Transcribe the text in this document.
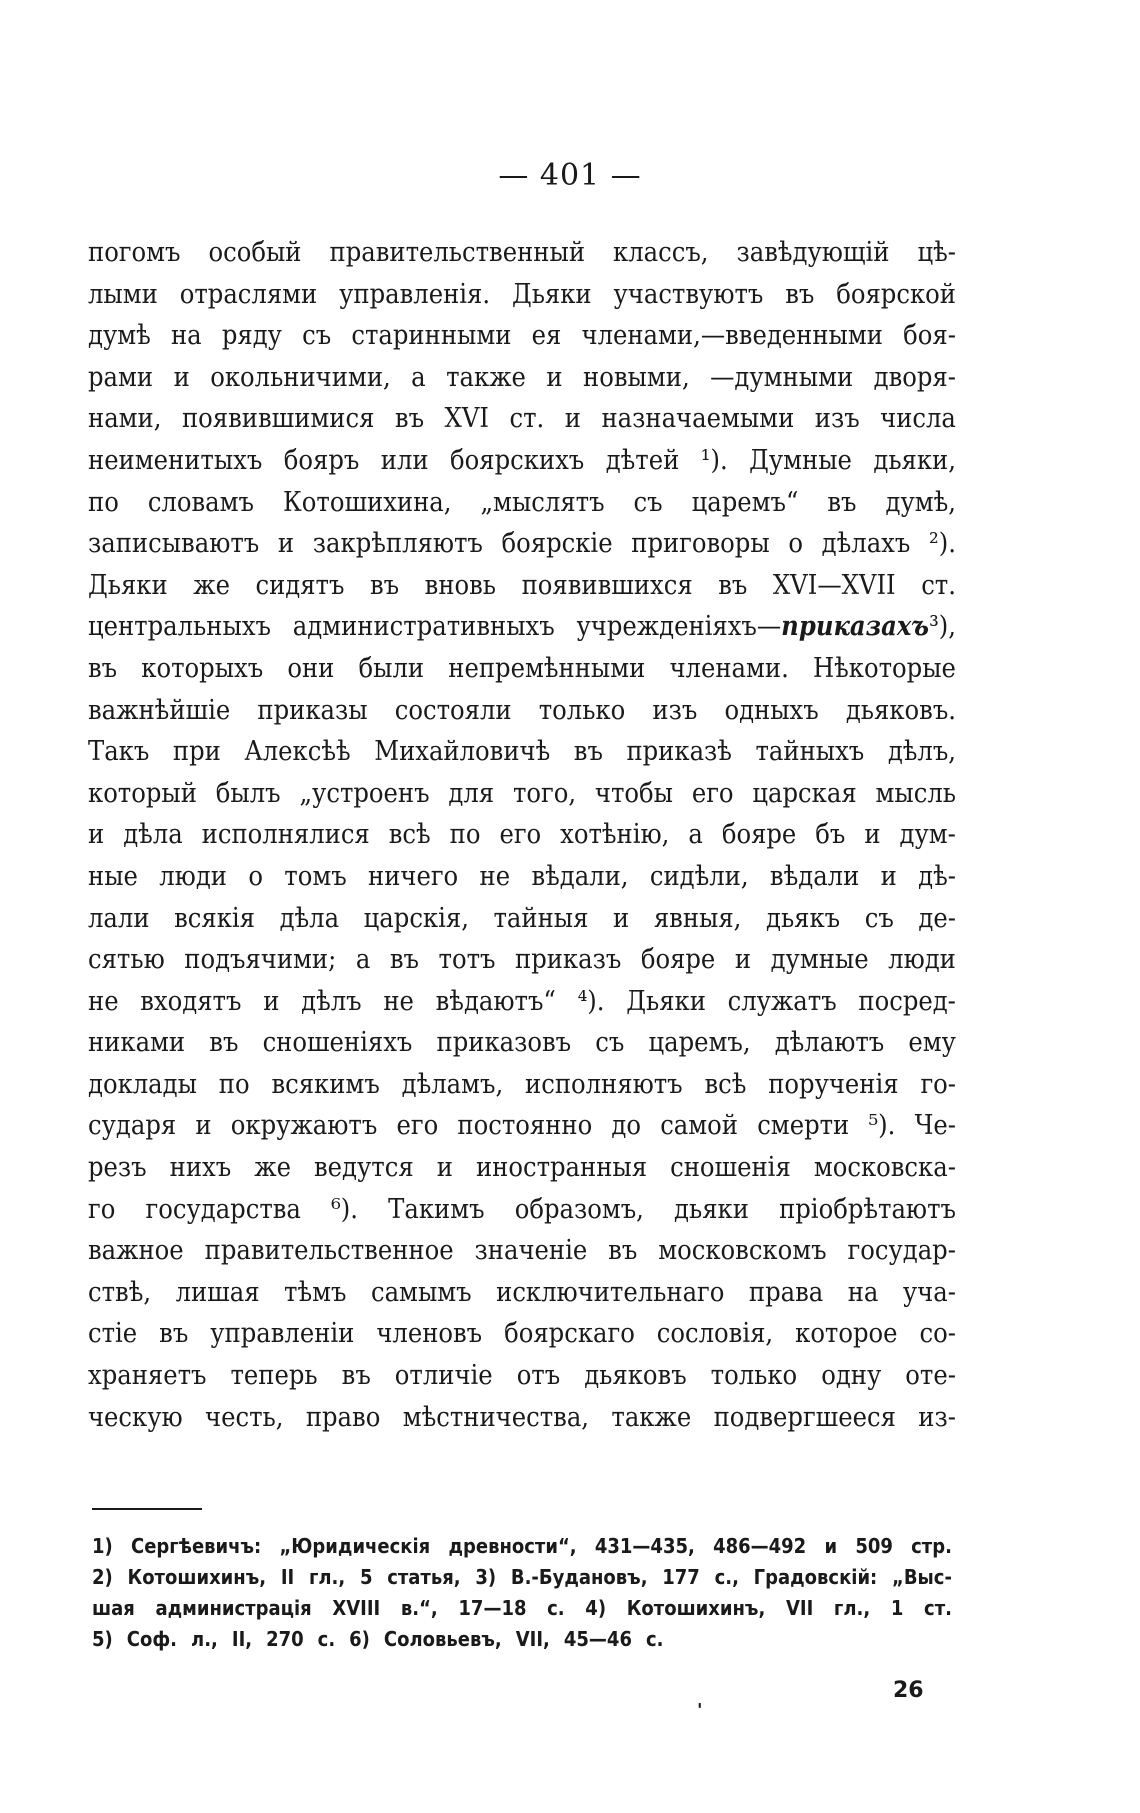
— 401 —
погомъ особый правительственный классъ, завѣдующій цѣ-
лыми отраслями управленія. Дьяки участвуютъ въ боярской
думѣ на ряду съ старинными ея членами,—введенными боя-
рами и окольничими, а также и новыми, —думными дворя-
нами, появившимися въ XVI ст. и назначаемыми изъ числа
неименитыхъ бояръ или боярскихъ дѣтей ¹). Думные дьяки,
по словамъ Котошихина, „мыслятъ съ царемъ“ въ думѣ,
записываютъ и закрѣпляютъ боярскіе приговоры о дѣлахъ ²).
Дьяки же сидятъ въ вновь появившихся въ XVI—XVII ст.
центральныхъ административныхъ учрежденіяхъ—приказахъ³),
въ которыхъ они были непремѣнными членами. Нѣкоторые
важнѣйшіе приказы состояли только изъ одныхъ дьяковъ.
Такъ при Алексѣѣ Михайловичѣ въ приказѣ тайныхъ дѣлъ,
который былъ „устроенъ для того, чтобы его царская мысль
и дѣла исполнялися всѣ по его хотѣнію, а бояре бъ и дум-
ные люди о томъ ничего не вѣдали, сидѣли, вѣдали и дѣ-
лали всякія дѣла царскія, тайныя и явныя, дьякъ съ де-
сятью подъячими; а въ тотъ приказъ бояре и думные люди
не входятъ и дѣлъ не вѣдаютъ“ ⁴). Дьяки служатъ посред-
никами въ сношеніяхъ приказовъ съ царемъ, дѣлаютъ ему
доклады по всякимъ дѣламъ, исполняютъ всѣ порученія го-
сударя и окружаютъ его постоянно до самой смерти ⁵). Че-
резъ нихъ же ведутся и иностранныя сношенія московска-
го государства ⁶). Такимъ образомъ, дьяки пріобрѣтаютъ
важное правительственное значеніе въ московскомъ государ-
ствѣ, лишая тѣмъ самымъ исключительнаго права на уча-
стіе въ управленіи членовъ боярскаго сословія, которое со-
храняетъ теперь въ отличіе отъ дьяковъ только одну оте-
ческую честь, право мѣстничества, также подвергшееся из-
1) Сергѣевичъ: „Юридическія древности“, 431—435, 486—492 и 509 стр.
2) Котошихинъ, II гл., 5 статья, 3) В.-Будановъ, 177 с., Градовскій: „Выс-
шая администрація XVIII в.“, 17—18 с. 4) Котошихинъ, VII гл., 1 ст.
5) Соф. л., II, 270 с. 6) Соловьевъ, VII, 45—46 с.
'
26
